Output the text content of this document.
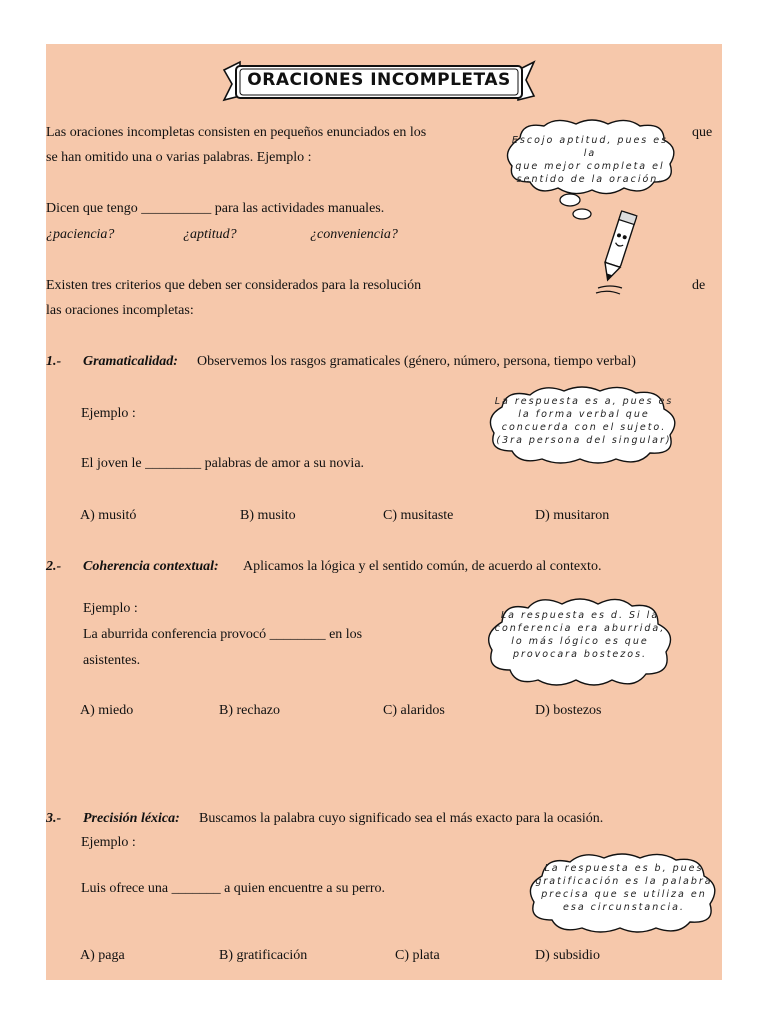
ORACIONES INCOMPLETAS
Las oraciones incompletas consisten en pequeños enunciados en los	que
se han omitido una o varias palabras. Ejemplo :
Dicen que tengo __________ para las actividades manuales.
¿paciencia?	¿aptitud?	¿conveniencia?
Escojo aptitud, pues es la
que mejor completa el
sentido de la oración.
Existen tres criterios que deben ser considerados para la resolución	de
las oraciones incompletas:
1.- Gramaticalidad: Observemos los rasgos gramaticales (género, número, persona, tiempo verbal)
Ejemplo :
El joven le ________ palabras de amor a su novia.
A) musitó	B) musito	C) musitaste	D) musitaron
La respuesta es a, pues es
la forma verbal que
concuerda con el sujeto.
(3ra persona del singular)
2.- Coherencia contextual: Aplicamos la lógica y el sentido común, de acuerdo al contexto.
Ejemplo :
La aburrida conferencia provocó ________ en los
asistentes.
A) miedo	B) rechazo	C) alaridos	D) bostezos
La respuesta es d. Si la
conferencia era aburrida,
lo más lógico es que
provocara bostezos.
3.- Precisión léxica: Buscamos la palabra cuyo significado sea el más exacto para la ocasión.
Ejemplo :
Luis ofrece una _______ a quien encuentre a su perro.
A) paga	B) gratificación	C) plata	D) subsidio
La respuesta es b, pues
gratificación es la palabra
precisa que se utiliza en
esa circunstancia.
